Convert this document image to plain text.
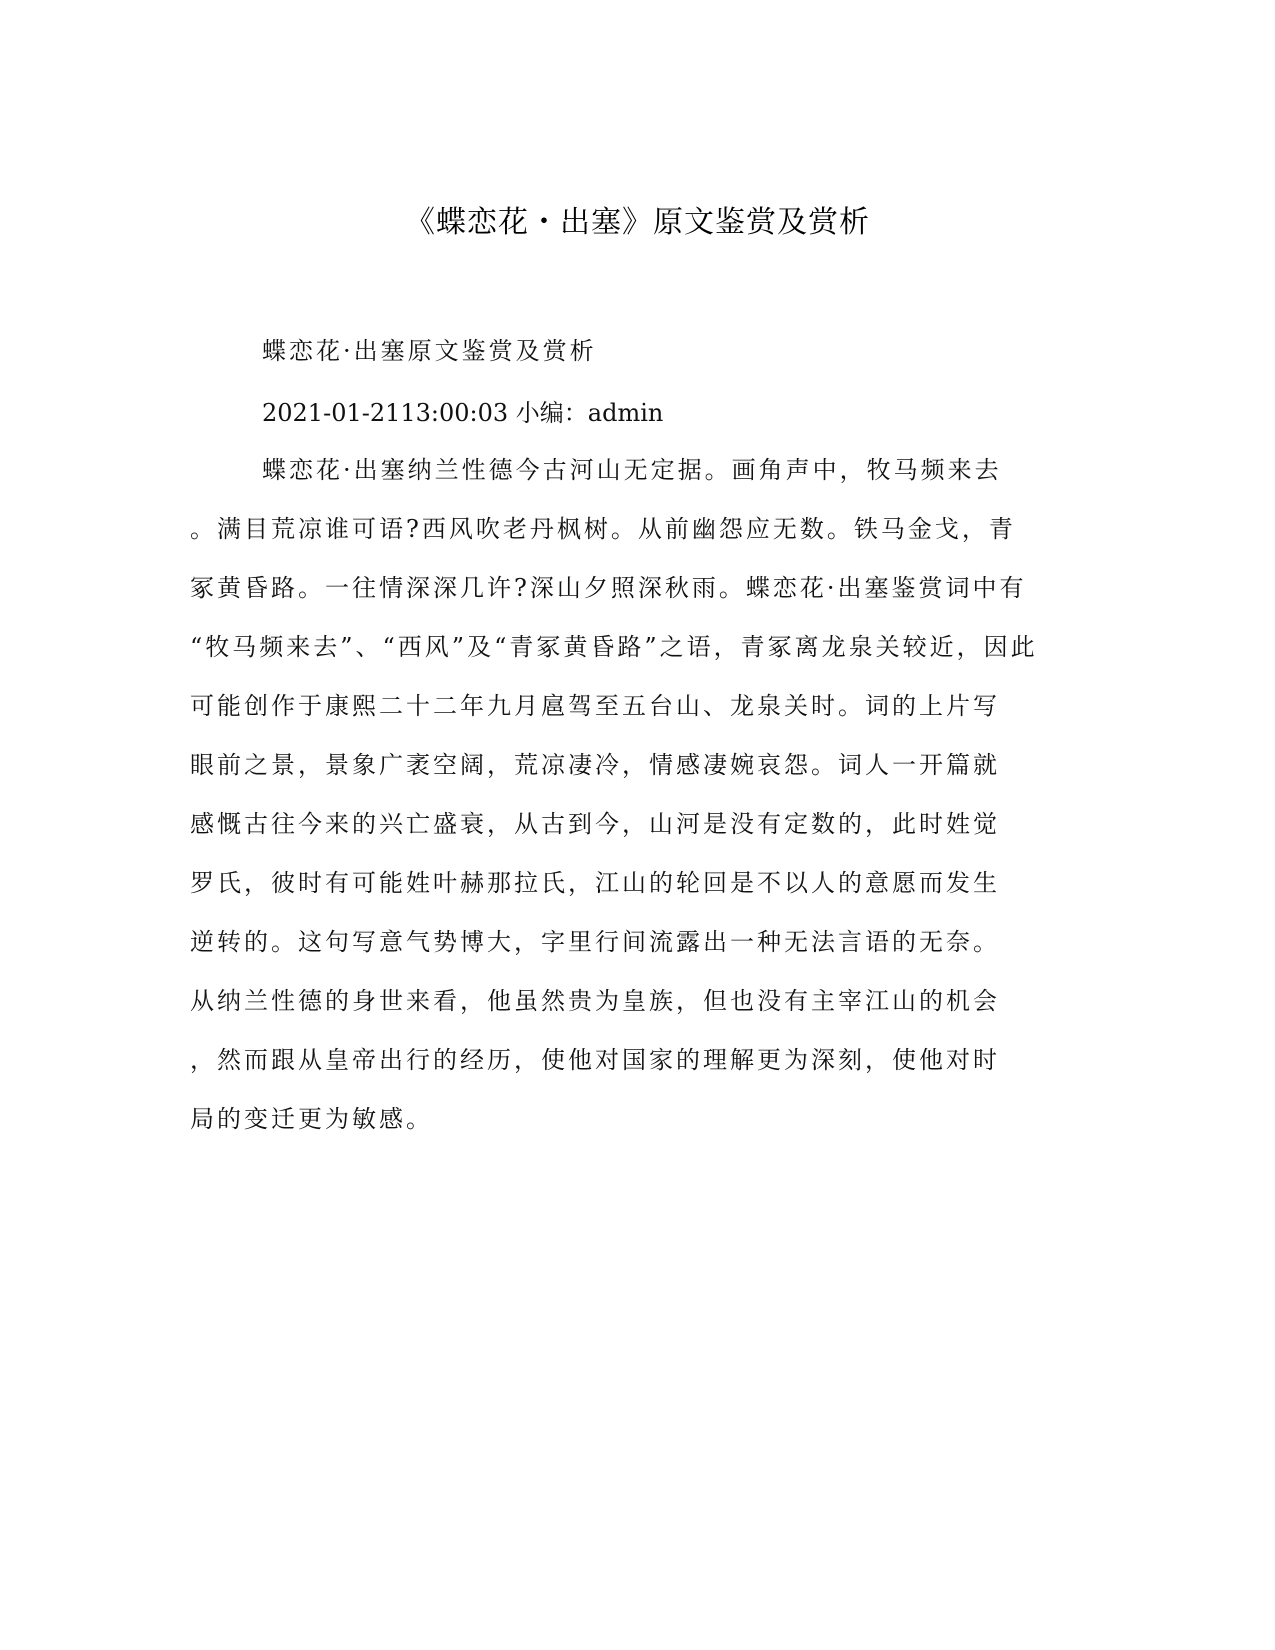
《蝶恋花・出塞》原文鉴赏及赏析
蝶恋花·出塞原文鉴赏及赏析
2021-01-2113:00:03 小编：admin
蝶恋花·出塞纳兰性德今古河山无定据。画角声中，牧马频来去
。满目荒凉谁可语?西风吹老丹枫树。从前幽怨应无数。铁马金戈，青
冢黄昏路。一往情深深几许?深山夕照深秋雨。蝶恋花·出塞鉴赏词中有
“牧马频来去”、“西风”及“青冢黄昏路”之语，青冢离龙泉关较近，因此
可能创作于康熙二十二年九月扈驾至五台山、龙泉关时。词的上片写
眼前之景，景象广袤空阔，荒凉凄冷，情感凄婉哀怨。词人一开篇就
感慨古往今来的兴亡盛衰，从古到今，山河是没有定数的，此时姓觉
罗氏，彼时有可能姓叶赫那拉氏，江山的轮回是不以人的意愿而发生
逆转的。这句写意气势博大，字里行间流露出一种无法言语的无奈。
从纳兰性德的身世来看，他虽然贵为皇族，但也没有主宰江山的机会
，然而跟从皇帝出行的经历，使他对国家的理解更为深刻，使他对时
局的变迁更为敏感。
